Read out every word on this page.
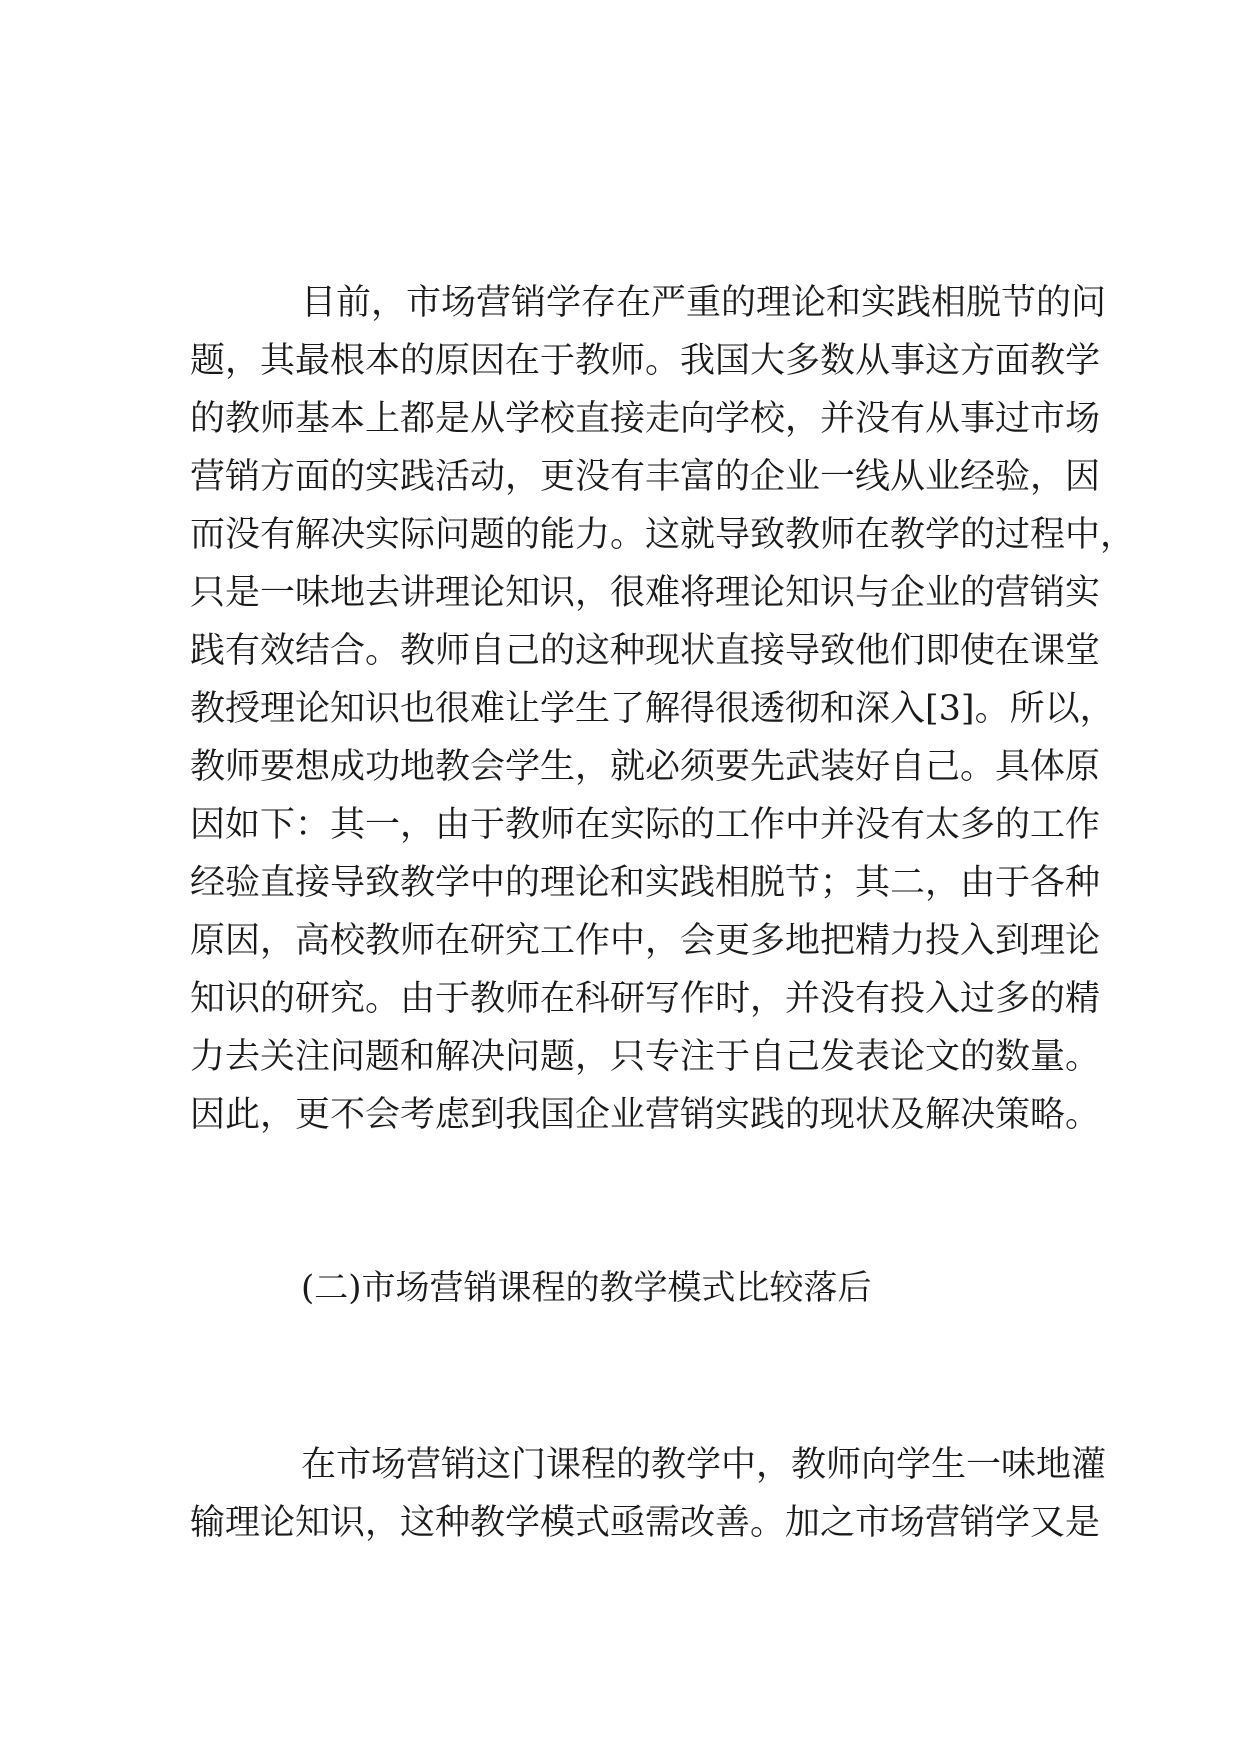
目前，市场营销学存在严重的理论和实践相脱节的问
题，其最根本的原因在于教师。我国大多数从事这方面教学
的教师基本上都是从学校直接走向学校，并没有从事过市场
营销方面的实践活动，更没有丰富的企业一线从业经验，因
而没有解决实际问题的能力。这就导致教师在教学的过程中，
只是一味地去讲理论知识，很难将理论知识与企业的营销实
践有效结合。教师自己的这种现状直接导致他们即使在课堂
教授理论知识也很难让学生了解得很透彻和深入[3]。所以，
教师要想成功地教会学生，就必须要先武装好自己。具体原
因如下：其一，由于教师在实际的工作中并没有太多的工作
经验直接导致教学中的理论和实践相脱节；其二，由于各种
原因，高校教师在研究工作中，会更多地把精力投入到理论
知识的研究。由于教师在科研写作时，并没有投入过多的精
力去关注问题和解决问题，只专注于自己发表论文的数量。
因此，更不会考虑到我国企业营销实践的现状及解决策略。
(二)市场营销课程的教学模式比较落后
在市场营销这门课程的教学中，教师向学生一味地灌
输理论知识，这种教学模式亟需改善。加之市场营销学又是
